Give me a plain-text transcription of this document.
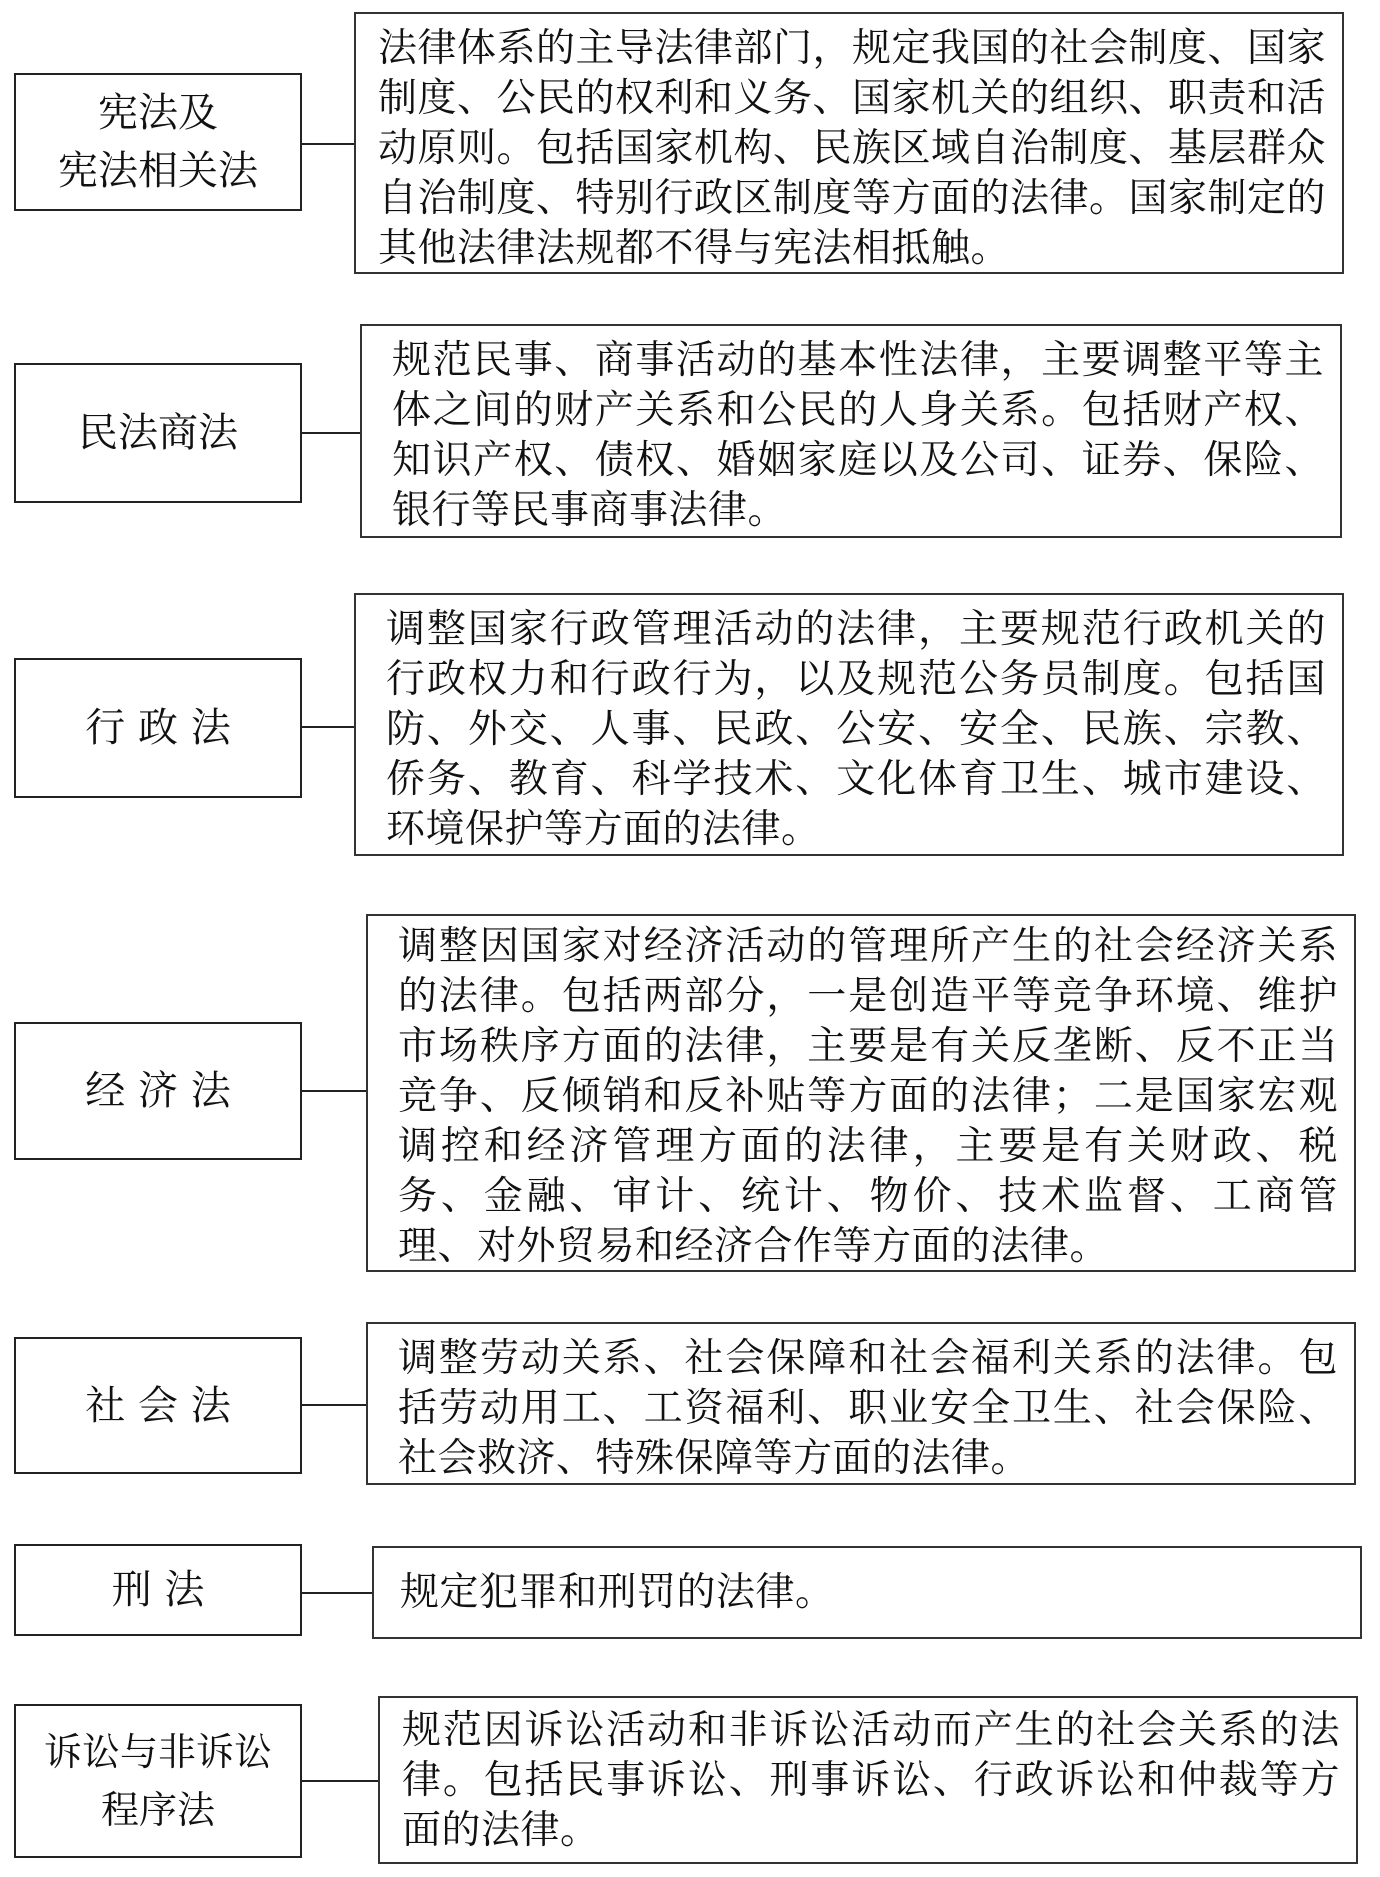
宪法及
宪法相关法
法律体系的主导法律部门，规定我国的社会制度、国家制度、公民的权利和义务、国家机关的组织、职责和活动原则。包括国家机构、民族区域自治制度、基层群众自治制度、特别行政区制度等方面的法律。国家制定的其他法律法规都不得与宪法相抵触。
民法商法
规范民事、商事活动的基本性法律，主要调整平等主体之间的财产关系和公民的人身关系。包括财产权、知识产权、债权、婚姻家庭以及公司、证券、保险、银行等民事商事法律。
行 政 法
调整国家行政管理活动的法律，主要规范行政机关的行政权力和行政行为，以及规范公务员制度。包括国防、外交、人事、民政、公安、安全、民族、宗教、侨务、教育、科学技术、文化体育卫生、城市建设、环境保护等方面的法律。
经 济 法
调整因国家对经济活动的管理所产生的社会经济关系的法律。包括两部分，一是创造平等竞争环境、维护市场秩序方面的法律，主要是有关反垄断、反不正当竞争、反倾销和反补贴等方面的法律；二是国家宏观调控和经济管理方面的法律，主要是有关财政、税务、金融、审计、统计、物价、技术监督、工商管理、对外贸易和经济合作等方面的法律。
社 会 法
调整劳动关系、社会保障和社会福利关系的法律。包括劳动用工、工资福利、职业安全卫生、社会保险、社会救济、特殊保障等方面的法律。
刑 法	规定犯罪和刑罚的法律。
诉讼与非诉讼
程序法
规范因诉讼活动和非诉讼活动而产生的社会关系的法律。包括民事诉讼、刑事诉讼、行政诉讼和仲裁等方面的法律。
